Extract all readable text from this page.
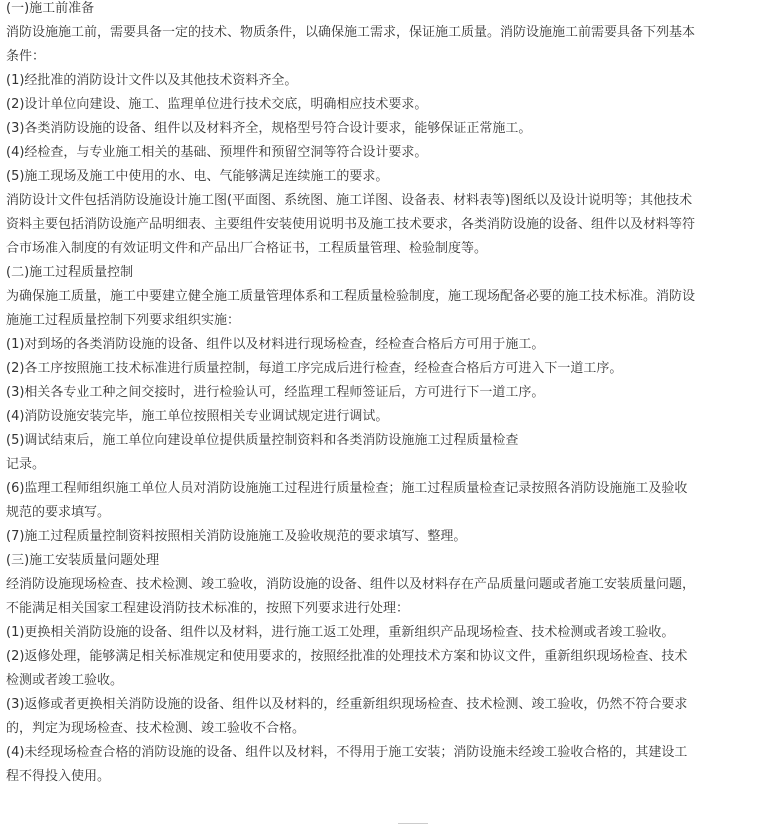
(一)施工前准备
消防设施施工前，需要具备一定的技术、物质条件，以确保施工需求，保证施工质量。消防设施施工前需要具备下列基本
条件：
(1)经批准的消防设计文件以及其他技术资料齐全。
(2)设计单位向建设、施工、监理单位进行技术交底，明确相应技术要求。
(3)各类消防设施的设备、组件以及材料齐全，规格型号符合设计要求，能够保证正常施工。
(4)经检查，与专业施工相关的基础、预埋件和预留空洞等符合设计要求。
(5)施工现场及施工中使用的水、电、气能够满足连续施工的要求。
消防设计文件包括消防设施设计施工图(平面图、系统图、施工详图、设备表、材料表等)图纸以及设计说明等；其他技术
资料主要包括消防设施产品明细表、主要组件安装使用说明书及施工技术要求，各类消防设施的设备、组件以及材料等符
合市场准入制度的有效证明文件和产品出厂合格证书，工程质量管理、检验制度等。
(二)施工过程质量控制
为确保施工质量，施工中要建立健全施工质量管理体系和工程质量检验制度，施工现场配备必要的施工技术标准。消防设
施施工过程质量控制下列要求组织实施：
(1)对到场的各类消防设施的设备、组件以及材料进行现场检查，经检查合格后方可用于施工。
(2)各工序按照施工技术标准进行质量控制，每道工序完成后进行检查，经检查合格后方可进入下一道工序。
(3)相关各专业工种之间交接时，进行检验认可，经监理工程师签证后，方可进行下一道工序。
(4)消防设施安装完毕，施工单位按照相关专业调试规定进行调试。
(5)调试结束后，施工单位向建设单位提供质量控制资料和各类消防设施施工过程质量检查
记录。
(6)监理工程师组织施工单位人员对消防设施施工过程进行质量检查；施工过程质量检查记录按照各消防设施施工及验收
规范的要求填写。
(7)施工过程质量控制资料按照相关消防设施施工及验收规范的要求填写、整理。
(三)施工安装质量问题处理
经消防设施现场检查、技术检测、竣工验收，消防设施的设备、组件以及材料存在产品质量问题或者施工安装质量问题，
不能满足相关国家工程建设消防技术标准的，按照下列要求进行处理：
(1)更换相关消防设施的设备、组件以及材料，进行施工返工处理，重新组织产品现场检查、技术检测或者竣工验收。
(2)返修处理，能够满足相关标准规定和使用要求的，按照经批准的处理技术方案和协议文件，重新组织现场检查、技术
检测或者竣工验收。
(3)返修或者更换相关消防设施的设备、组件以及材料的，经重新组织现场检查、技术检测、竣工验收，仍然不符合要求
的，判定为现场检查、技术检测、竣工验收不合格。
(4)未经现场检查合格的消防设施的设备、组件以及材料，不得用于施工安装；消防设施未经竣工验收合格的，其建设工
程不得投入使用。
